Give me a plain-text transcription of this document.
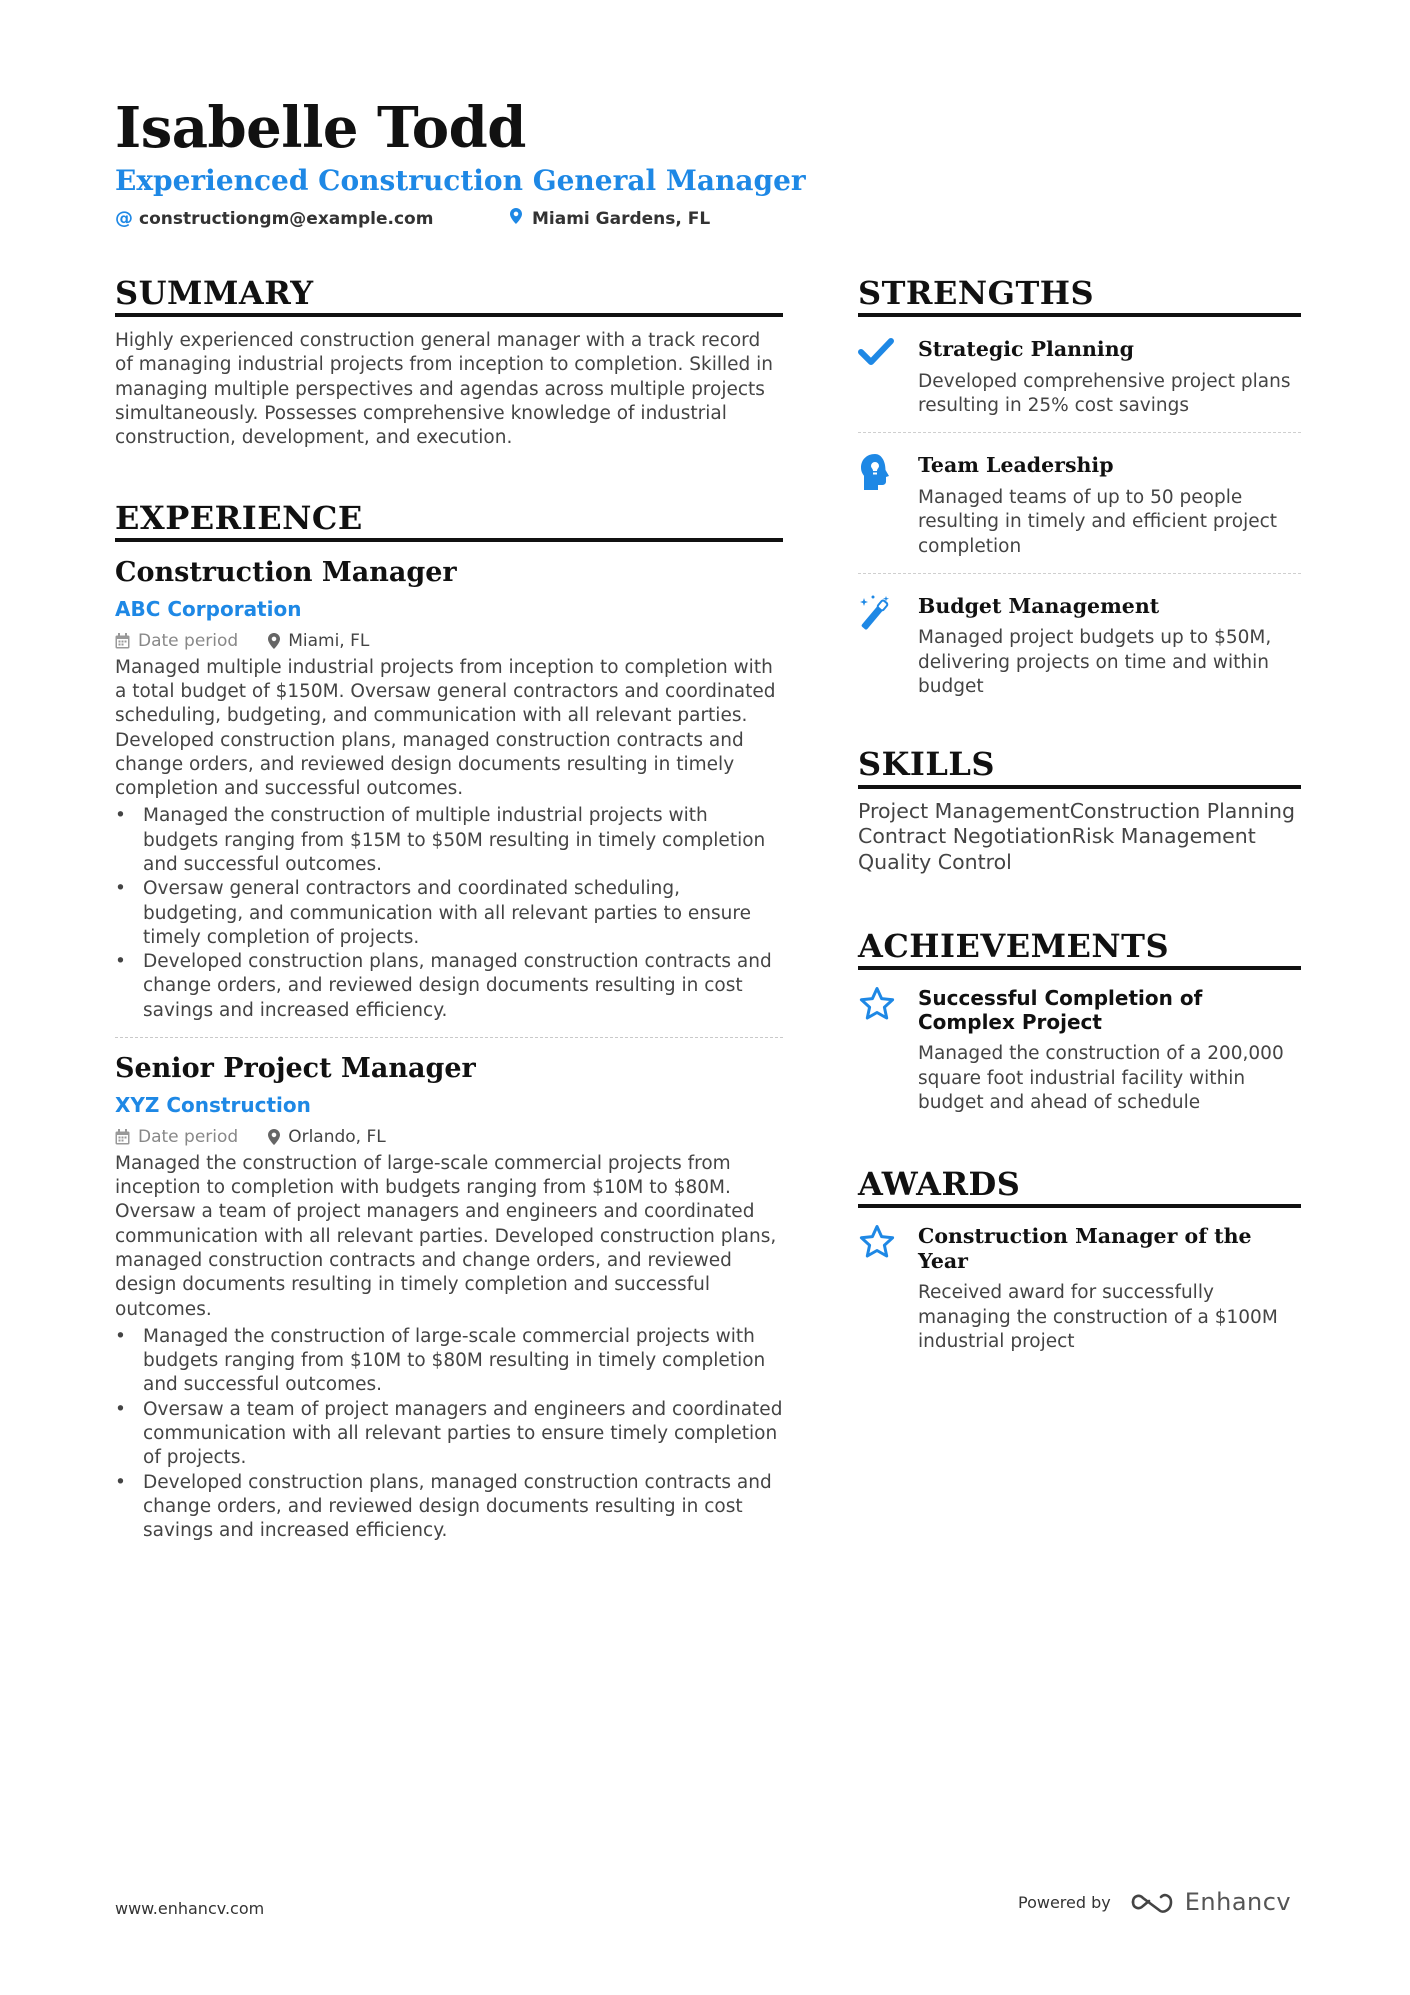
Isabelle Todd
Experienced Construction General Manager
@ constructiongm@example.com	Miami Gardens, FL
SUMMARY

Highly experienced construction general manager with a track record of managing industrial projects from inception to completion. Skilled in managing multiple perspectives and agendas across multiple projects simultaneously. Possesses comprehensive knowledge of industrial construction, development, and execution.

EXPERIENCE
Construction Manager
ABC Corporation
Date period	Miami, FL

Managed multiple industrial projects from inception to completion with a total budget of $150M. Oversaw general contractors and coordinated scheduling, budgeting, and communication with all relevant parties. Developed construction plans, managed construction contracts and change orders, and reviewed design documents resulting in timely completion and successful outcomes.

• Managed the construction of multiple industrial projects with budgets ranging from $15M to $50M resulting in timely completion and successful outcomes.
• Oversaw general contractors and coordinated scheduling, budgeting, and communication with all relevant parties to ensure timely completion of projects.
• Developed construction plans, managed construction contracts and change orders, and reviewed design documents resulting in cost savings and increased efficiency.
Senior Project Manager
XYZ Construction
Date period	Orlando, FL

Managed the construction of large-scale commercial projects from inception to completion with budgets ranging from $10M to $80M. Oversaw a team of project managers and engineers and coordinated communication with all relevant parties. Developed construction plans, managed construction contracts and change orders, and reviewed design documents resulting in timely completion and successful outcomes.

• Managed the construction of large-scale commercial projects with budgets ranging from $10M to $80M resulting in timely completion and successful outcomes.
• Oversaw a team of project managers and engineers and coordinated communication with all relevant parties to ensure timely completion of projects.
• Developed construction plans, managed construction contracts and change orders, and reviewed design documents resulting in cost savings and increased efficiency.
STRENGTHS
Strategic Planning

Developed comprehensive project plans resulting in 25% cost savings

Team Leadership

Managed teams of up to 50 people resulting in timely and efficient project completion

Budget Management

Managed project budgets up to $50M, delivering projects on time and within budget

SKILLS
Project ManagementConstruction Planning
Contract NegotiationRisk Management
Quality Control
ACHIEVEMENTS
Successful Completion of Complex Project

Managed the construction of a 200,000 square foot industrial facility within budget and ahead of schedule

AWARDS
Construction Manager of the Year

Received award for successfully managing the construction of a $100M industrial project

www.enhancv.com	Powered by	Enhancv
